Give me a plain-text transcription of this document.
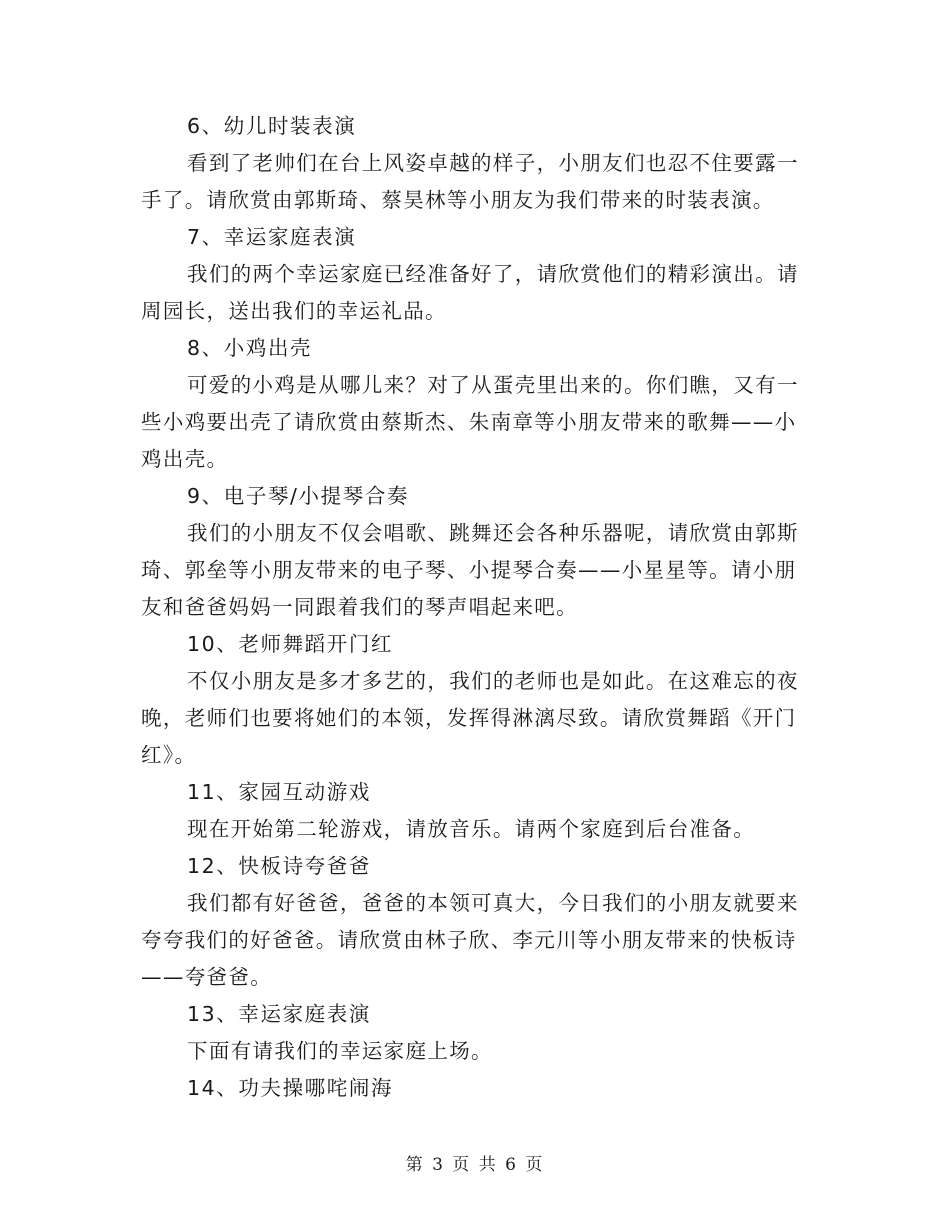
6、幼儿时装表演
看到了老帅们在台上风姿卓越的样子，小朋友们也忍不住要露一
手了。请欣赏由郭斯琦、蔡昊林等小朋友为我们带来的时装表演。
7、幸运家庭表演
我们的两个幸运家庭已经准备好了，请欣赏他们的精彩演出。请
周园长，送出我们的幸运礼品。
8、小鸡出壳
可爱的小鸡是从哪儿来？对了从蛋壳里出来的。你们瞧，又有一
些小鸡要出壳了请欣赏由蔡斯杰、朱南章等小朋友带来的歌舞——小
鸡出壳。
9、电子琴/小提琴合奏
我们的小朋友不仅会唱歌、跳舞还会各种乐器呢，请欣赏由郭斯
琦、郭垒等小朋友带来的电子琴、小提琴合奏——小星星等。请小朋
友和爸爸妈妈一同跟着我们的琴声唱起来吧。
10、老师舞蹈开门红
不仅小朋友是多才多艺的，我们的老师也是如此。在这难忘的夜
晚，老师们也要将她们的本领，发挥得淋漓尽致。请欣赏舞蹈《开门
红》。
11、家园互动游戏
现在开始第二轮游戏，请放音乐。请两个家庭到后台准备。
12、快板诗夸爸爸
我们都有好爸爸，爸爸的本领可真大，今日我们的小朋友就要来
夸夸我们的好爸爸。请欣赏由林子欣、李元川等小朋友带来的快板诗
——夸爸爸。
13、幸运家庭表演
下面有请我们的幸运家庭上场。
14、功夫操哪咤闹海
第 3 页 共 6 页
